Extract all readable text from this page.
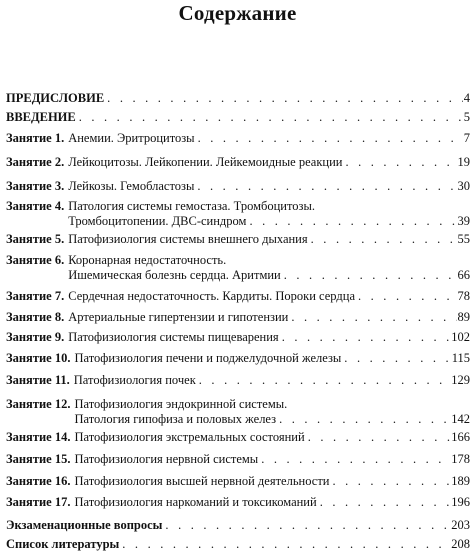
Содержание
ПРЕДИСЛОВИЕ . . .	4
ВВЕДЕНИЕ . . .	5
Занятие 1. Анемии. Эритроцитозы . . .	7
Занятие 2. Лейкоцитозы. Лейкопении. Лейкемоидные реакции . . .	19
Занятие 3. Лейкозы. Гемобластозы . . .	30
Занятие 4. Патология системы гемостаза. Тромбоцитозы.
Тромбоцитопении. ДВС-синдром . . .	39
Занятие 5. Патофизиология системы внешнего дыхания . . .	55
Занятие 6. Коронарная недостаточность.
Ишемическая болезнь сердца. Аритмии . . .	66
Занятие 7. Сердечная недостаточность. Кардиты. Пороки сердца . . .	78
Занятие 8. Артериальные гипертензии и гипотензии . . .	89
Занятие 9. Патофизиология системы пищеварения . . .	102
Занятие 10. Патофизиология печени и поджелудочной железы . . .	115
Занятие 11. Патофизиология почек . . .	129
Занятие 12. Патофизиология эндокринной системы.
Патология гипофиза и половых желез . . .	142
Занятие 14. Патофизиология экстремальных состояний . . .	166
Занятие 15. Патофизиология нервной системы . . .	178
Занятие 16. Патофизиология высшей нервной деятельности . . .	189
Занятие 17. Патофизиология наркоманий и токсикоманий . . .	196
Экзаменационные вопросы . . .	203
Список литературы . . .	208
